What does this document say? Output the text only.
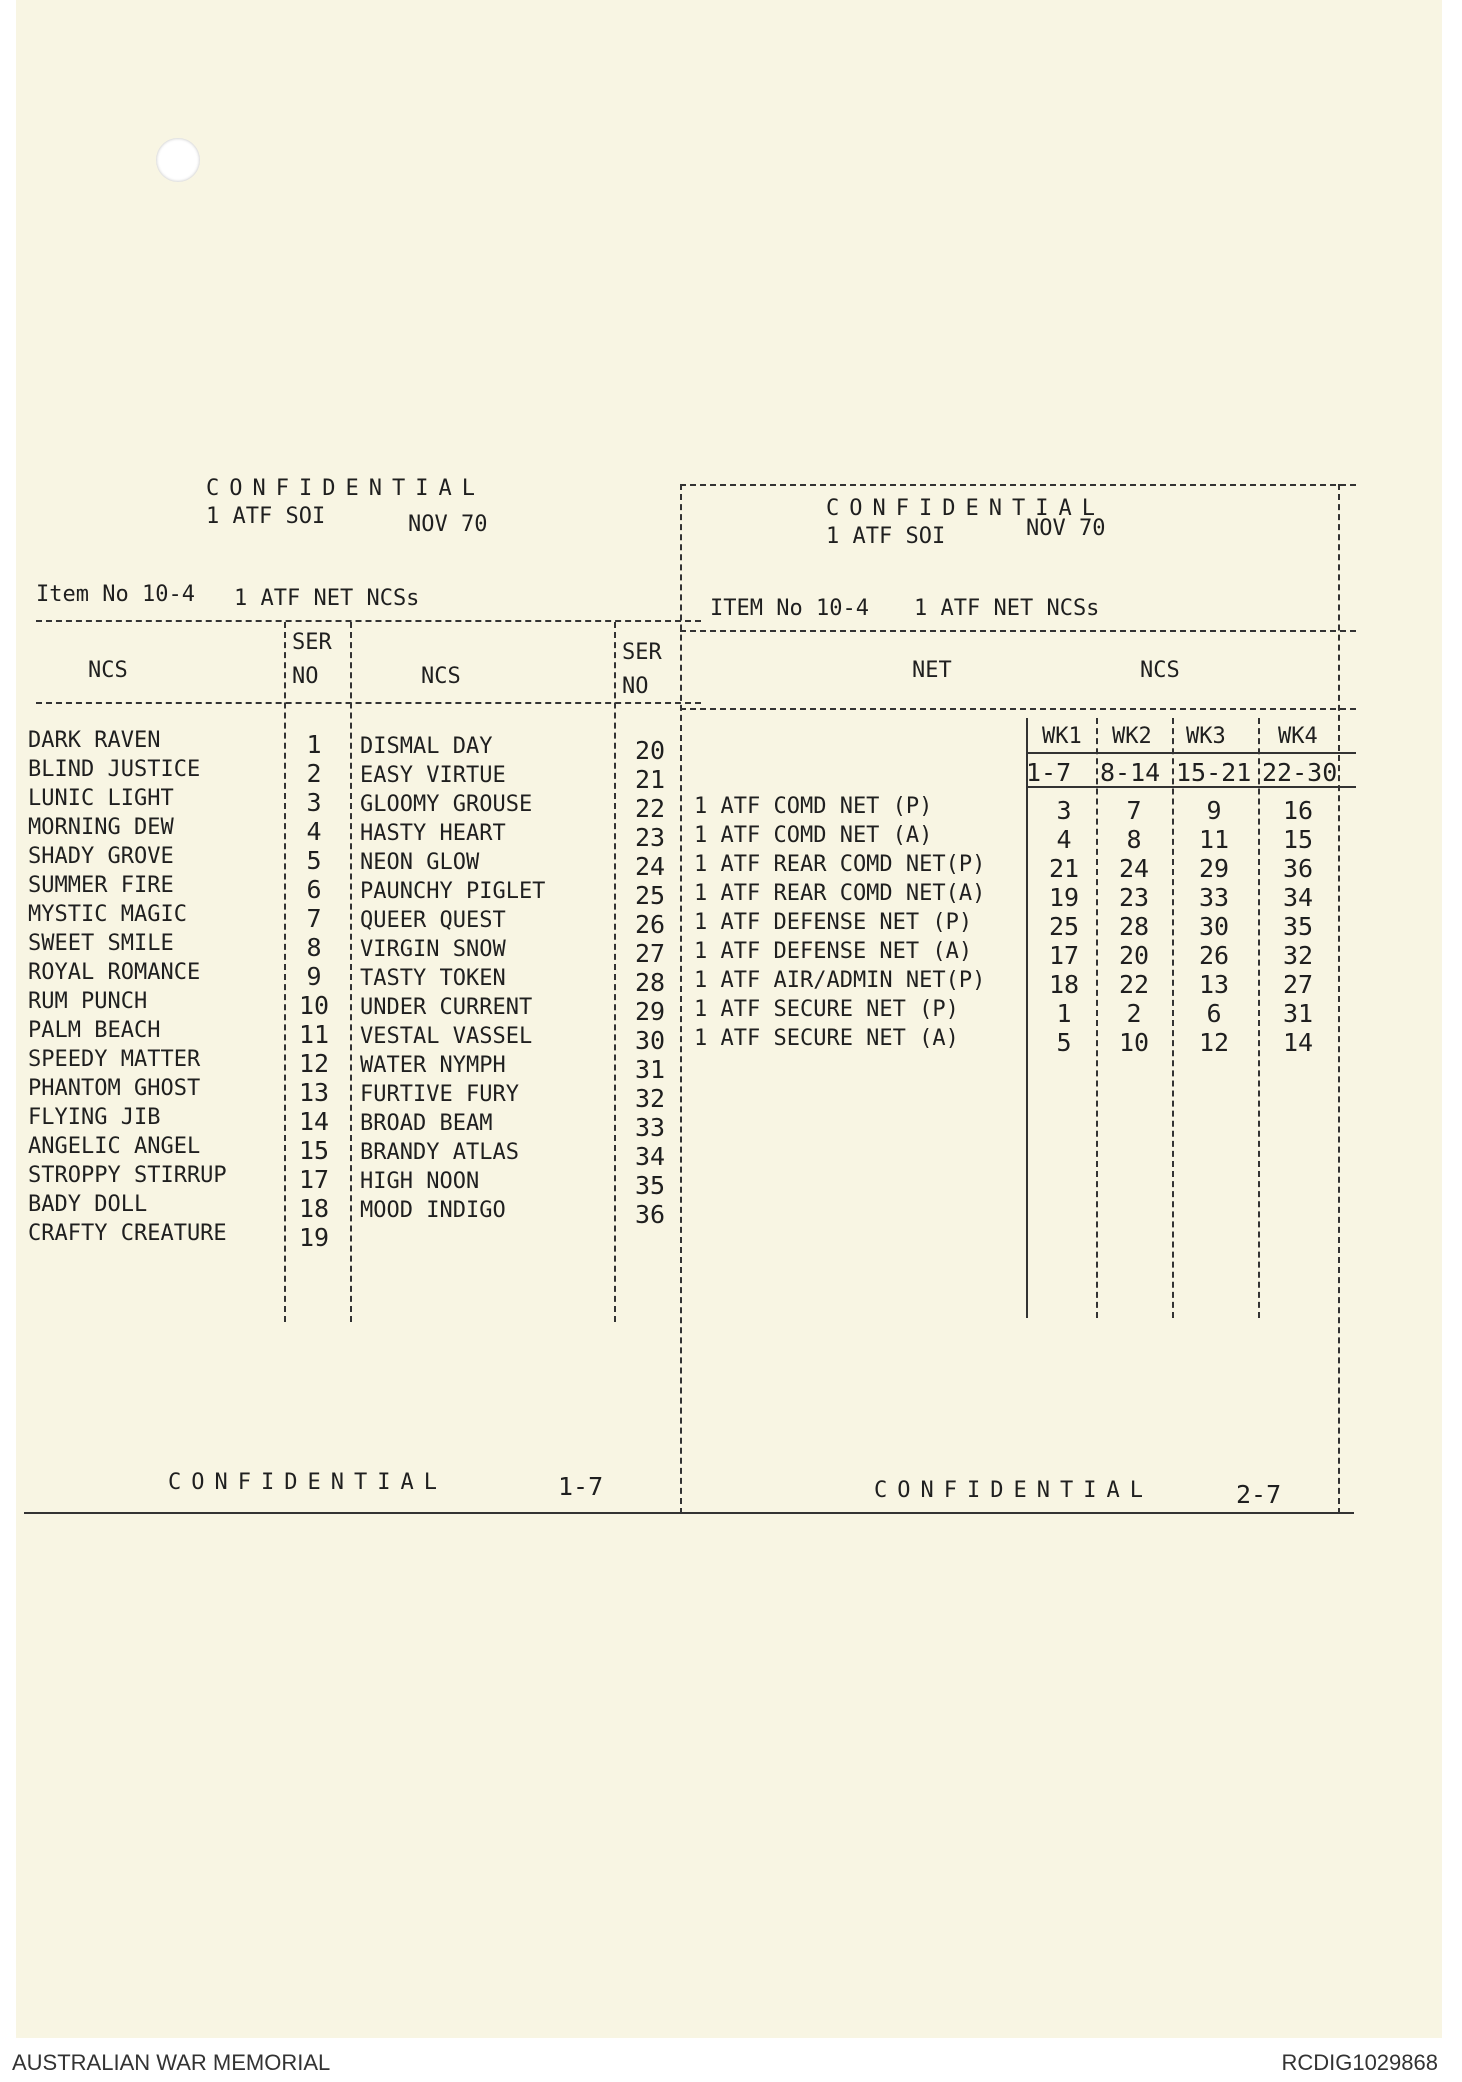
CONFIDENTIAL
1 ATF SOI	NOV 70
Item No 10-4 1 ATF NET NCSs
NCS
SER NO	NCS
SER NO
DARK RAVEN	1
BLIND JUSTICE	2
LUNIC LIGHT	3
MORNING DEW	4
SHADY GROVE	5
SUMMER FIRE	6
MYSTIC MAGIC	7
SWEET SMILE	8
ROYAL ROMANCE	9
RUM PUNCH	10
PALM BEACH	11
SPEEDY MATTER	12
PHANTOM GHOST	13
FLYING JIB	14
ANGELIC ANGEL	15
STROPPY STIRRUP	17
BADY DOLL	18
CRAFTY CREATURE	19
DISMAL DAY	20
EASY VIRTUE	21
GLOOMY GROUSE	22
HASTY HEART	23
NEON GLOW	24
PAUNCHY PIGLET	25
QUEER QUEST	26
VIRGIN SNOW	27
TASTY TOKEN	28
UNDER CURRENT	29
VESTAL VASSEL	30
WATER NYMPH	31
FURTIVE FURY	32
BROAD BEAM	33
BRANDY ATLAS	34
HIGH NOON	35
MOOD INDIGO	36
CONFIDENTIAL	1-7
CONFIDENTIAL
1 ATF SOI	NOV 70
ITEM No 10-4 1 ATF NET NCSs
NET	NCS
WK1 WK2 WK3 WK4
1-7 8-14 15-21 22-30
1 ATF COMD NET (P)	3	7	9	16
1 ATF COMD NET (A)	4	8	11	15
1 ATF REAR COMD NET(P)	21	24	29	36
1 ATF REAR COMD NET(A)	19	23	33	34
1 ATF DEFENSE NET (P)	25	28	30	35
1 ATF DEFENSE NET (A)	17	20	26	32
1 ATF AIR/ADMIN NET(P)	18	22	13	27
1 ATF SECURE NET (P)	1	2	6	31
1 ATF SECURE NET (A)	5	10	12	14
CONFIDENTIAL	2-7
AUSTRALIAN WAR MEMORIAL	RCDIG1029868
